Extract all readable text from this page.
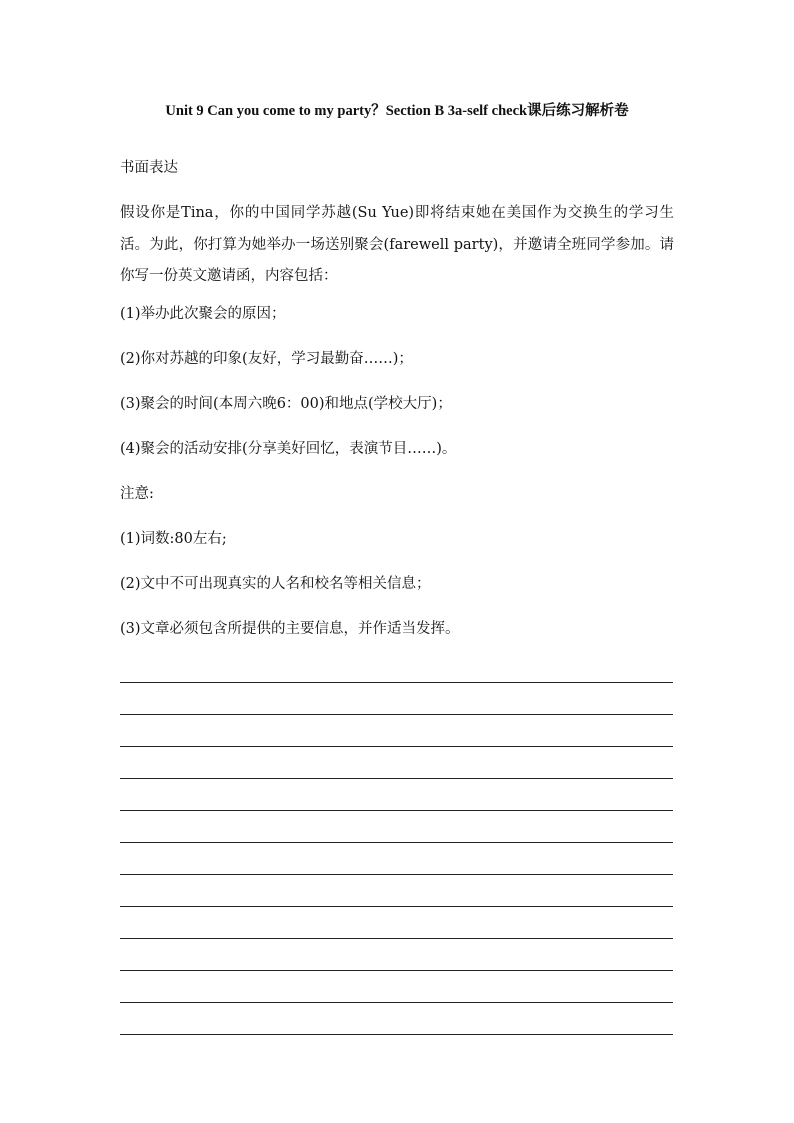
Unit 9 Can you come to my party？Section B 3a-self check课后练习解析卷
书面表达
假设你是Tina，你的中国同学苏越(Su Yue)即将结束她在美国作为交换生的学习生活。为此，你打算为她举办一场送别聚会(farewell party)，并邀请全班同学参加。请你写一份英文邀请函，内容包括：
(1)举办此次聚会的原因；
(2)你对苏越的印象(友好，学习最勤奋……)；
(3)聚会的时间(本周六晚6：00)和地点(学校大厅)；
(4)聚会的活动安排(分享美好回忆，表演节目……)。
注意:
(1)词数:80左右;
(2)文中不可出现真实的人名和校名等相关信息；
(3)文章必须包含所提供的主要信息，并作适当发挥。
